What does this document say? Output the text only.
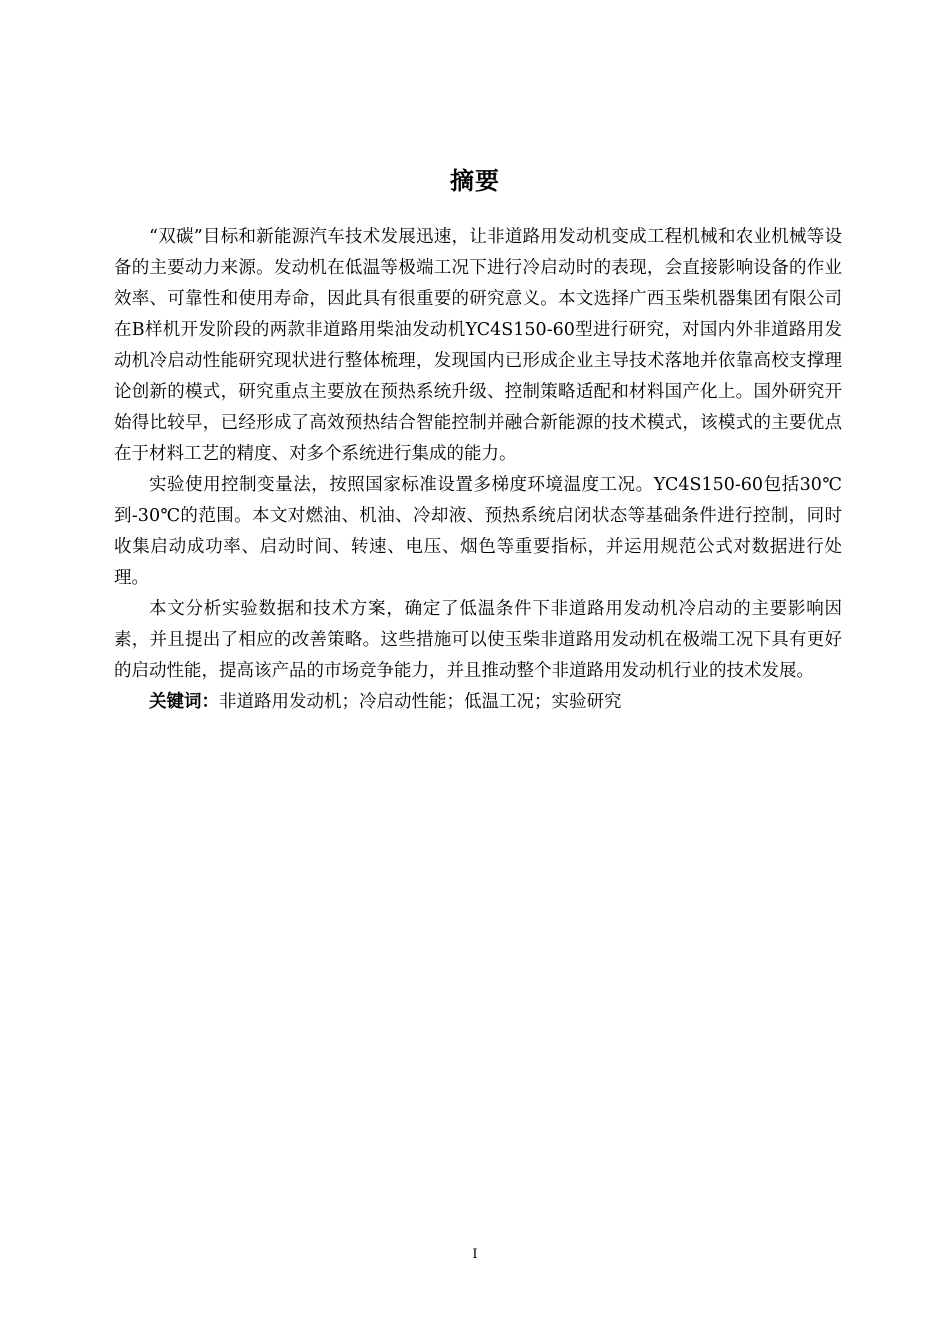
摘要

“双碳”目标和新能源汽车技术发展迅速，让非道路用发动机变成工程机械和农业机械等设备的主要动力来源。发动机在低温等极端工况下进行冷启动时的表现，会直接影响设备的作业效率、可靠性和使用寿命，因此具有很重要的研究意义。本文选择广西玉柴机器集团有限公司在B样机开发阶段的两款非道路用柴油发动机YC4S150-60型进行研究，对国内外非道路用发动机冷启动性能研究现状进行整体梳理，发现国内已形成企业主导技术落地并依靠高校支撑理论创新的模式，研究重点主要放在预热系统升级、控制策略适配和材料国产化上。国外研究开始得比较早，已经形成了高效预热结合智能控制并融合新能源的技术模式，该模式的主要优点在于材料工艺的精度、对多个系统进行集成的能力。

实验使用控制变量法，按照国家标准设置多梯度环境温度工况。YC4S150-60包括30℃到-30℃的范围。本文对燃油、机油、冷却液、预热系统启闭状态等基础条件进行控制，同时收集启动成功率、启动时间、转速、电压、烟色等重要指标，并运用规范公式对数据进行处理。

本文分析实验数据和技术方案，确定了低温条件下非道路用发动机冷启动的主要影响因素，并且提出了相应的改善策略。这些措施可以使玉柴非道路用发动机在极端工况下具有更好的启动性能，提高该产品的市场竞争能力，并且推动整个非道路用发动机行业的技术发展。

关键词：非道路用发动机；冷启动性能；低温工况；实验研究

I
